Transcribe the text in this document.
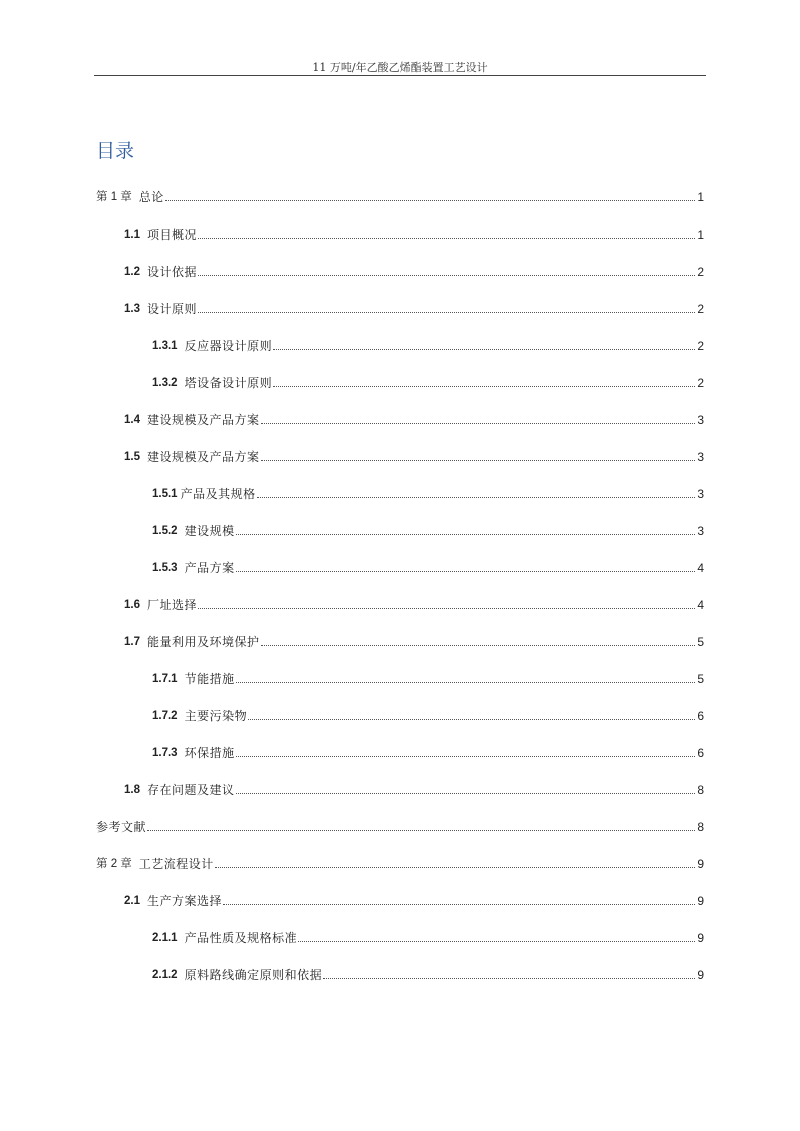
11 万吨/年乙酸乙烯酯装置工艺设计
目录
第 1 章 总论	1
1.1 项目概况	1
1.2 设计依据	2
1.3 设计原则	2
1.3.1 反应器设计原则	2
1.3.2 塔设备设计原则	2
1.4 建设规模及产品方案	3
1.5 建设规模及产品方案	3
1.5.1 产品及其规格	3
1.5.2 建设规模	3
1.5.3 产品方案	4
1.6 厂址选择	4
1.7 能量利用及环境保护	5
1.7.1 节能措施	5
1.7.2 主要污染物	6
1.7.3 环保措施	6
1.8 存在问题及建议	8
参考文献	8
第 2 章 工艺流程设计	9
2.1 生产方案选择	9
2.1.1 产品性质及规格标准	9
2.1.2 原料路线确定原则和依据	9
